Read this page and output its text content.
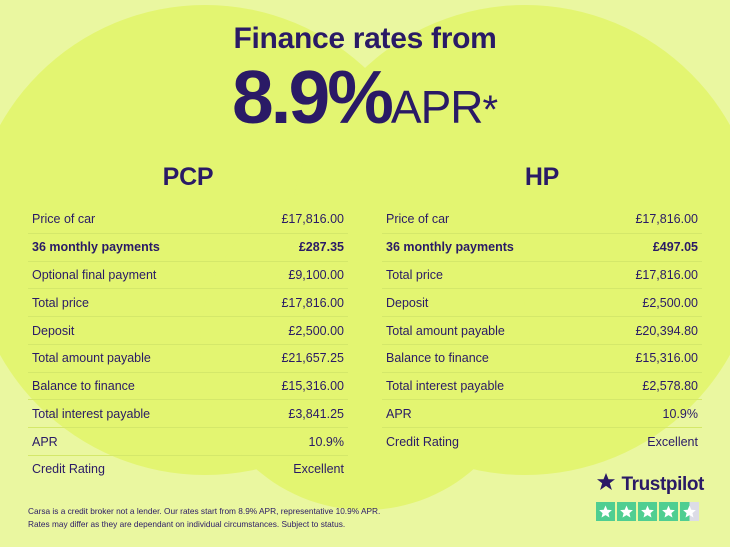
Finance rates from
8.9%APR*
PCP
Price of car	£17,816.00
36 monthly payments	£287.35
Optional final payment	£9,100.00
Total price	£17,816.00
Deposit	£2,500.00
Total amount payable	£21,657.25
Balance to finance	£15,316.00
Total interest payable	£3,841.25
APR	10.9%
Credit Rating	Excellent
HP
Price of car	£17,816.00
36 monthly payments	£497.05
Total price	£17,816.00
Deposit	£2,500.00
Total amount payable	£20,394.80
Balance to finance	£15,316.00
Total interest payable	£2,578.80
APR	10.9%
Credit Rating	Excellent
Carsa is a credit broker not a lender. Our rates start from 8.9% APR, representative 10.9% APR.
Rates may differ as they are dependant on individual circumstances. Subject to status.
Trustpilot
